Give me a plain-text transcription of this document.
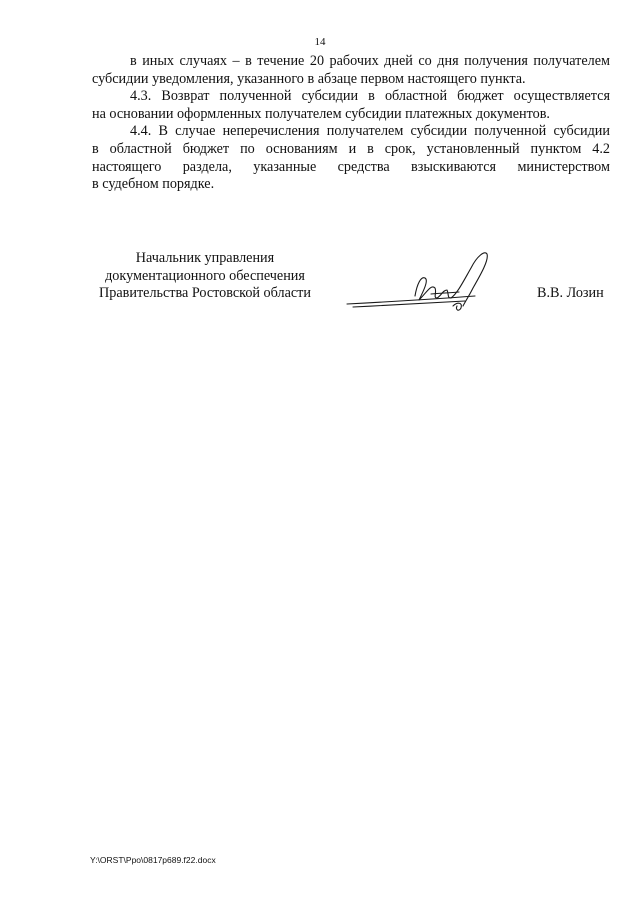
14
в иных случаях – в течение 20 рабочих дней со дня получения получателем
субсидии уведомления, указанного в абзаце первом настоящего пункта.
4.3. Возврат полученной субсидии в областной бюджет осуществляется
на основании оформленных получателем субсидии платежных документов.
4.4. В случае неперечисления получателем субсидии полученной субсидии
в областной бюджет по основаниям и в срок, установленный пунктом 4.2
настоящего раздела, указанные средства взыскиваются министерством
в судебном порядке.
Начальник управления
документационного обеспечения
Правительства Ростовской области	В.В. Лозин
Y:\ORST\Ppo\0817p689.f22.docx
